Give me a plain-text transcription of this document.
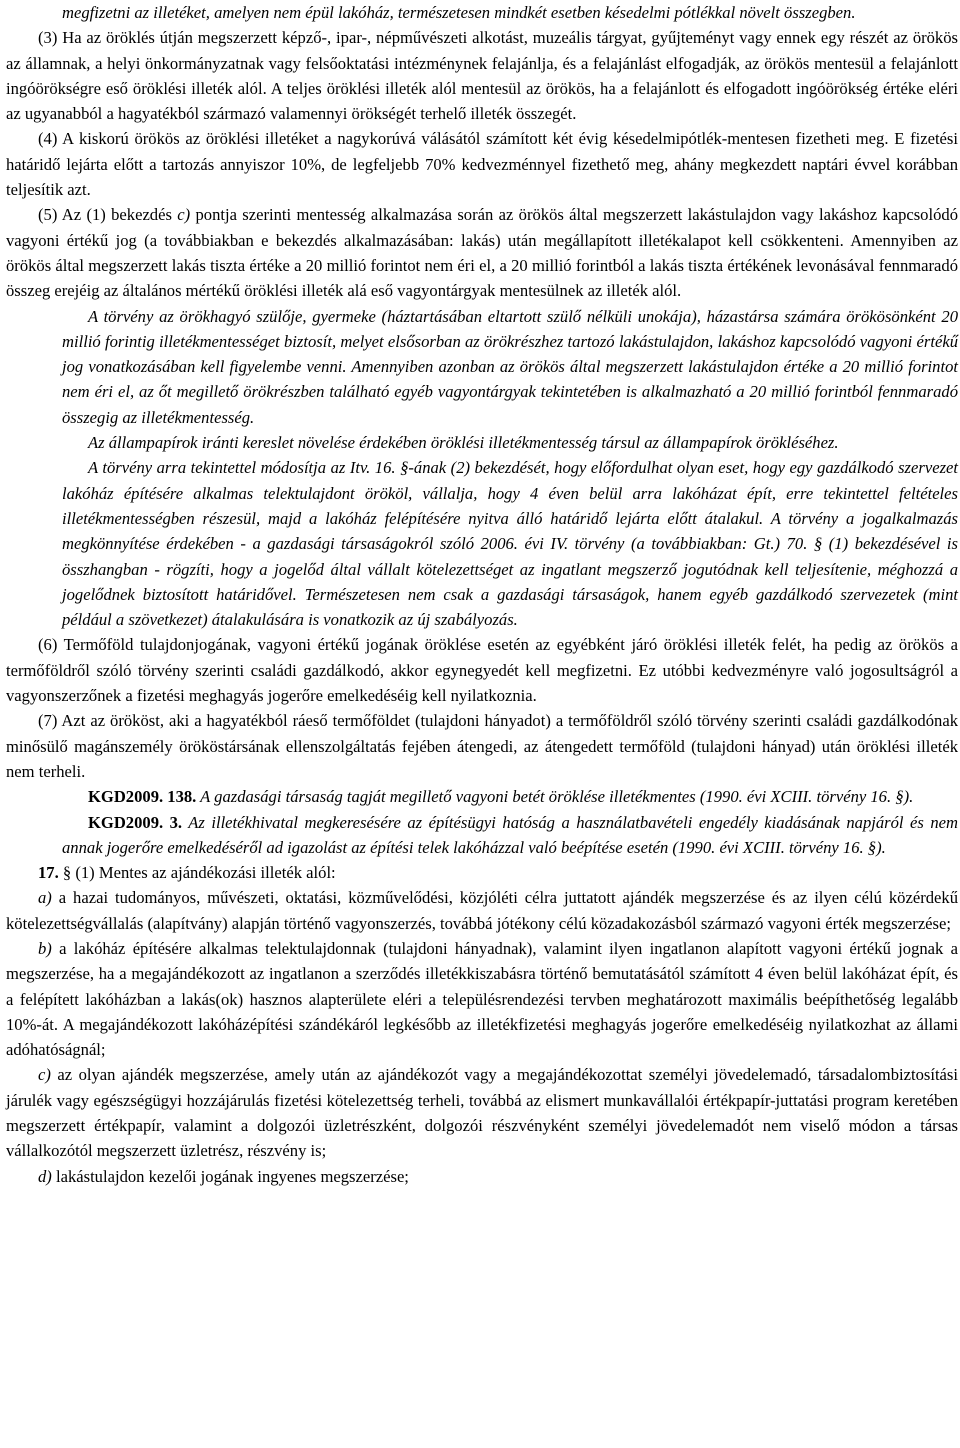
megfizetni az illetéket, amelyen nem épül lakóház, természetesen mindkét esetben késedelmi pótlékkal növelt összegben.

(3) Ha az öröklés útján megszerzett képző-, ipar-, népművészeti alkotást, muzeális tárgyat, gyűjteményt vagy ennek egy részét az örökös az államnak, a helyi önkormányzatnak vagy felsőoktatási intézménynek felajánlja, és a felajánlást elfogadják, az örökös mentesül a felajánlott ingóörökségre eső öröklési illeték alól. A teljes öröklési illeték alól mentesül az örökös, ha a felajánlott és elfogadott ingóörökség értéke eléri az ugyanabból a hagyatékból származó valamennyi örökségét terhelő illeték összegét.

(4) A kiskorú örökös az öröklési illetéket a nagykorúvá válásától számított két évig késedelmipótlék-mentesen fizetheti meg. E fizetési határidő lejárta előtt a tartozás annyiszor 10%, de legfeljebb 70% kedvezménnyel fizethető meg, ahány megkezdett naptári évvel korábban teljesítik azt.

(5) Az (1) bekezdés c) pontja szerinti mentesség alkalmazása során az örökös által megszerzett lakástulajdon vagy lakáshoz kapcsolódó vagyoni értékű jog (a továbbiakban e bekezdés alkalmazásában: lakás) után megállapított illetékalapot kell csökkenteni. Amennyiben az örökös által megszerzett lakás tiszta értéke a 20 millió forintot nem éri el, a 20 millió forintból a lakás tiszta értékének levonásával fennmaradó összeg erejéig az általános mértékű öröklési illeték alá eső vagyontárgyak mentesülnek az illeték alól.

A törvény az örökhagyó szülője, gyermeke (háztartásában eltartott szülő nélküli unokája), házastársa számára örökösönként 20 millió forintig illetékmentességet biztosít, melyet elsősorban az örökrészhez tartozó lakástulajdon, lakáshoz kapcsolódó vagyoni értékű jog vonatkozásában kell figyelembe venni. Amennyiben azonban az örökös által megszerzett lakástulajdon értéke a 20 millió forintot nem éri el, az őt megillető örökrészben található egyéb vagyontárgyak tekintetében is alkalmazható a 20 millió forintból fennmaradó összegig az illetékmentesség.

Az állampapírok iránti kereslet növelése érdekében öröklési illetékmentesség társul az állampapírok örökléséhez.

A törvény arra tekintettel módosítja az Itv. 16. §-ának (2) bekezdését, hogy előfordulhat olyan eset, hogy egy gazdálkodó szervezet lakóház építésére alkalmas telektulajdont örököl, vállalja, hogy 4 éven belül arra lakóházat épít, erre tekintettel feltételes illetékmentességben részesül, majd a lakóház felépítésére nyitva álló határidő lejárta előtt átalakul. A törvény a jogalkalmazás megkönnyítése érdekében - a gazdasági társaságokról szóló 2006. évi IV. törvény (a továbbiakban: Gt.) 70. § (1) bekezdésével is összhangban - rögzíti, hogy a jogelőd által vállalt kötelezettséget az ingatlant megszerző jogutódnak kell teljesítenie, méghozzá a jogelődnek biztosított határidővel. Természetesen nem csak a gazdasági társaságok, hanem egyéb gazdálkodó szervezetek (mint például a szövetkezet) átalakulására is vonatkozik az új szabályozás.

(6) Termőföld tulajdonjogának, vagyoni értékű jogának öröklése esetén az egyébként járó öröklési illeték felét, ha pedig az örökös a termőföldről szóló törvény szerinti családi gazdálkodó, akkor egynegyedét kell megfizetni. Ez utóbbi kedvezményre való jogosultságról a vagyonszerzőnek a fizetési meghagyás jogerőre emelkedéséig kell nyilatkoznia.

(7) Azt az örököst, aki a hagyatékból ráeső termőföldet (tulajdoni hányadot) a termőföldről szóló törvény szerinti családi gazdálkodónak minősülő magánszemély örököstársának ellenszolgáltatás fejében átengedi, az átengedett termőföld (tulajdoni hányad) után öröklési illeték nem terheli.

KGD2009. 138. A gazdasági társaság tagját megillető vagyoni betét öröklése illetékmentes (1990. évi XCIII. törvény 16. §).

KGD2009. 3. Az illetékhivatal megkeresésére az építésügyi hatóság a használatbavételi engedély kiadásának napjáról és nem annak jogerőre emelkedéséről ad igazolást az építési telek lakóházzal való beépítése esetén (1990. évi XCIII. törvény 16. §).

17. § (1) Mentes az ajándékozási illeték alól:

a) a hazai tudományos, művészeti, oktatási, közművelődési, közjóléti célra juttatott ajándék megszerzése és az ilyen célú közérdekű kötelezettségvállalás (alapítvány) alapján történő vagyonszerzés, továbbá jótékony célú közadakozásból származó vagyoni érték megszerzése;

b) a lakóház építésére alkalmas telektulajdonnak (tulajdoni hányadnak), valamint ilyen ingatlanon alapított vagyoni értékű jognak a megszerzése, ha a megajándékozott az ingatlanon a szerződés illetékkiszabásra történő bemutatásától számított 4 éven belül lakóházat épít, és a felépített lakóházban a lakás(ok) hasznos alapterülete eléri a településrendezési tervben meghatározott maximális beépíthetőség legalább 10%-át. A megajándékozott lakóházépítési szándékáról legkésőbb az illetékfizetési meghagyás jogerőre emelkedéséig nyilatkozhat az állami adóhatóságnál;

c) az olyan ajándék megszerzése, amely után az ajándékozót vagy a megajándékozottat személyi jövedelemadó, társadalombiztosítási járulék vagy egészségügyi hozzájárulás fizetési kötelezettség terheli, továbbá az elismert munkavállalói értékpapír-juttatási program keretében megszerzett értékpapír, valamint a dolgozói üzletrészként, dolgozói részvényként személyi jövedelemadót nem viselő módon a társas vállalkozótól megszerzett üzletrész, részvény is;

d) lakástulajdon kezelői jogának ingyenes megszerzése;
